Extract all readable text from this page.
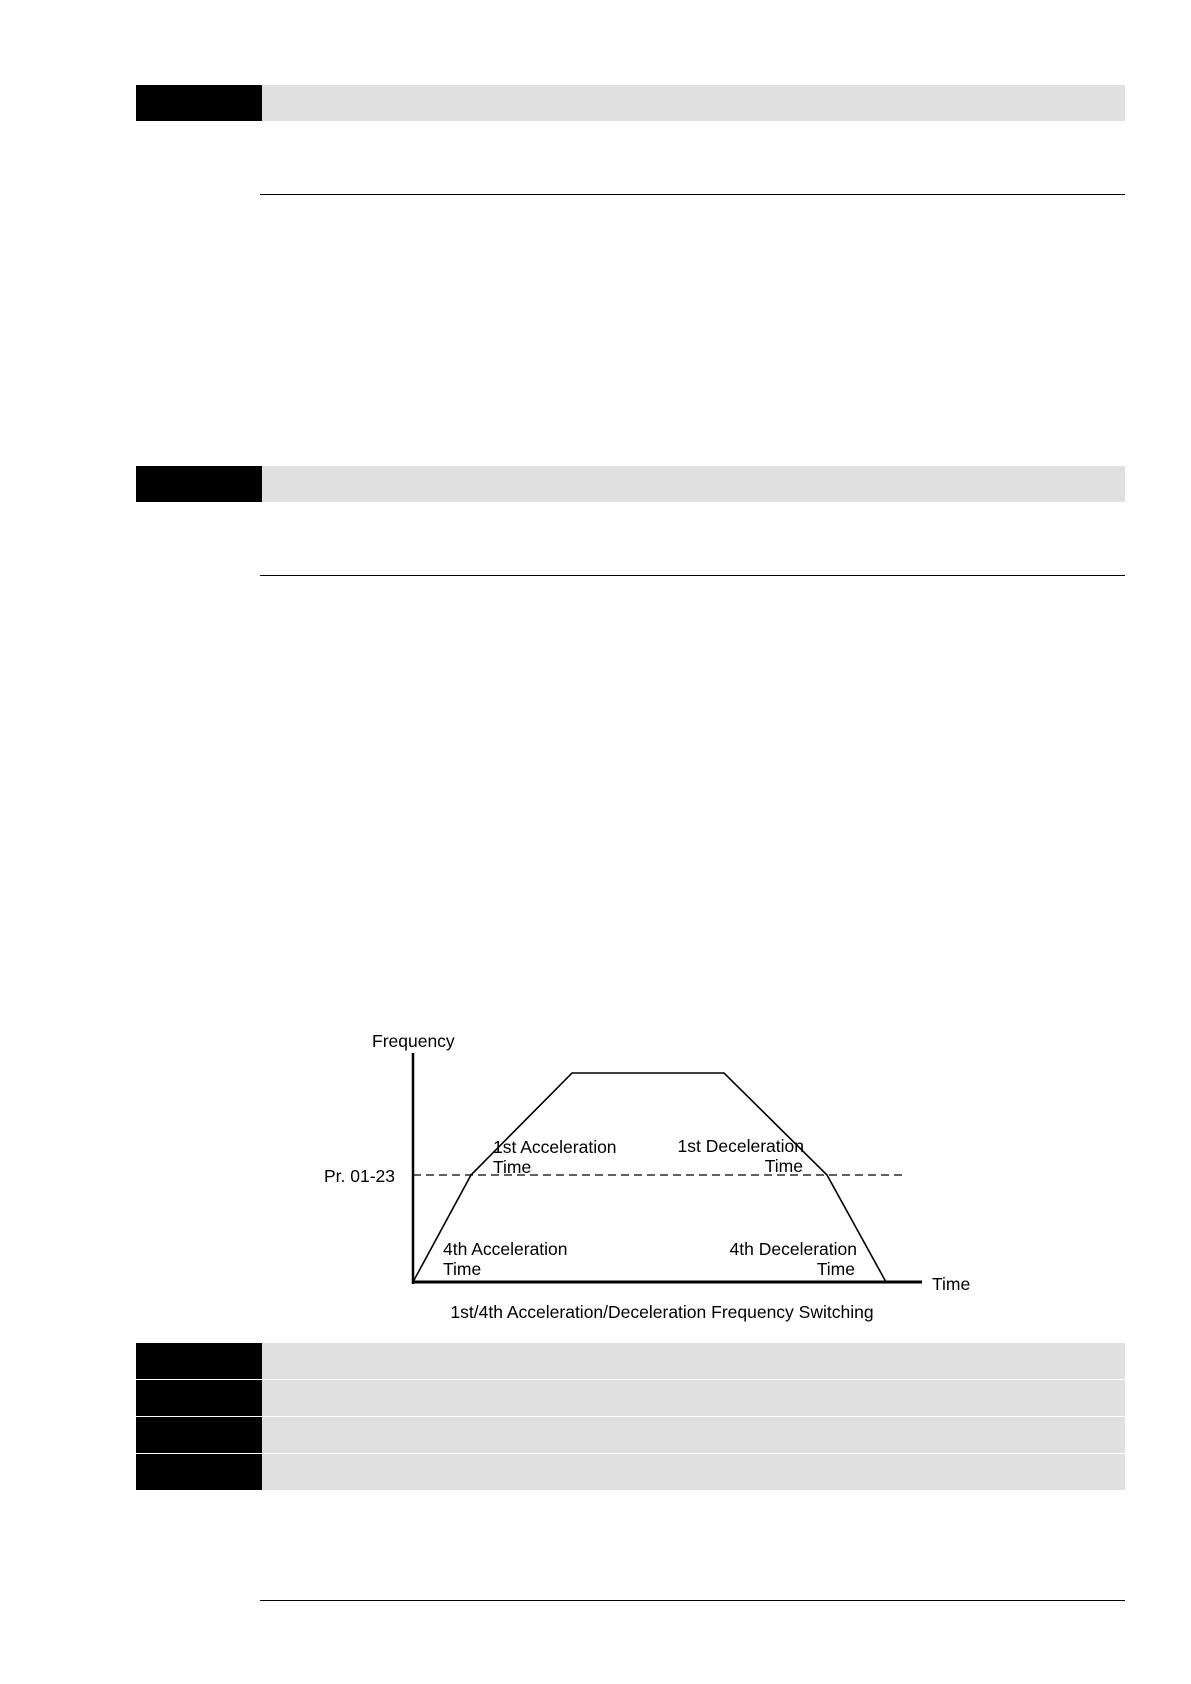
Frequency
Time
Pr. 01-23
1st Acceleration
Time
1st Deceleration
Time
4th Acceleration
Time
4th Deceleration
Time
1st/4th Acceleration/Deceleration Frequency Switching
